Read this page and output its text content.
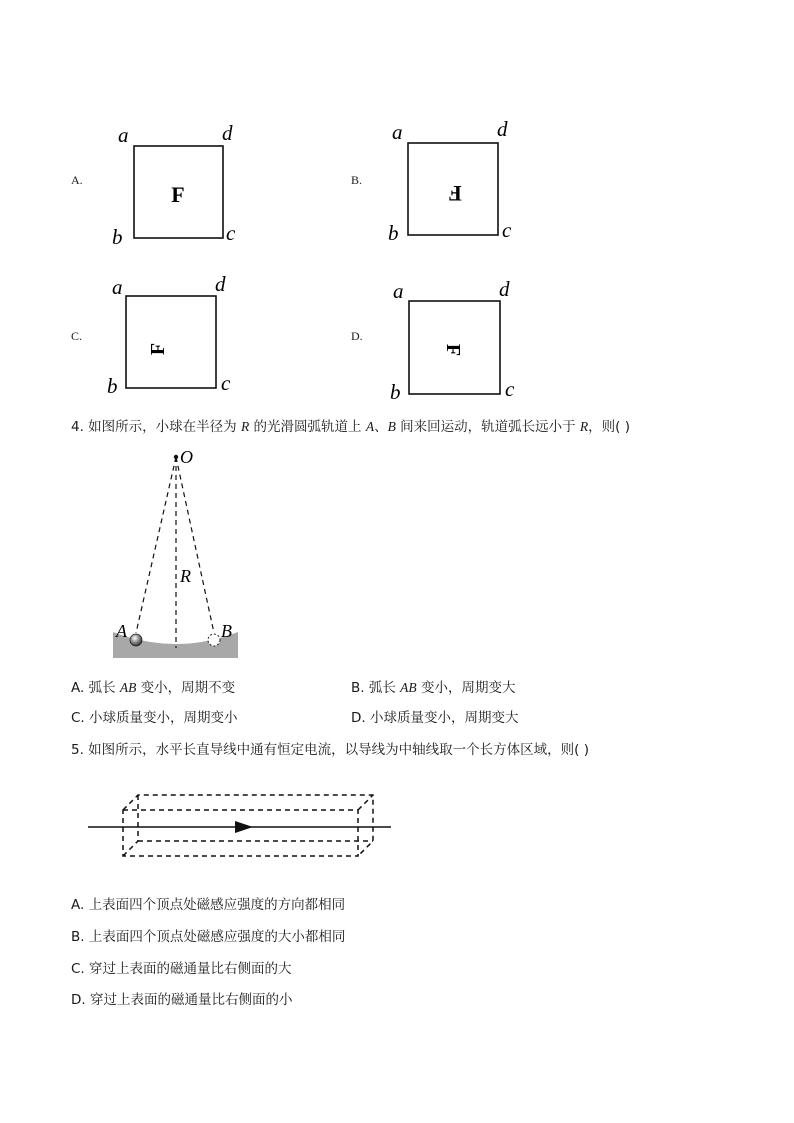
A.
a	d
b	c
F
B.
a	d
b	c
F
C.
a	d
b	c
F
D.
a	d
b	c
F
4. 如图所示，小球在半径为 R 的光滑圆弧轨道上 A、B 间来回运动，轨道弧长远小于 R，则( )
O
R
A	B
A. 弧长 AB 变小，周期不变	B. 弧长 AB 变小，周期变大
C. 小球质量变小，周期变小	D. 小球质量变小，周期变大
5. 如图所示，水平长直导线中通有恒定电流，以导线为中轴线取一个长方体区域，则( )
A. 上表面四个顶点处磁感应强度的方向都相同
B. 上表面四个顶点处磁感应强度的大小都相同
C. 穿过上表面的磁通量比右侧面的大
D. 穿过上表面的磁通量比右侧面的小
